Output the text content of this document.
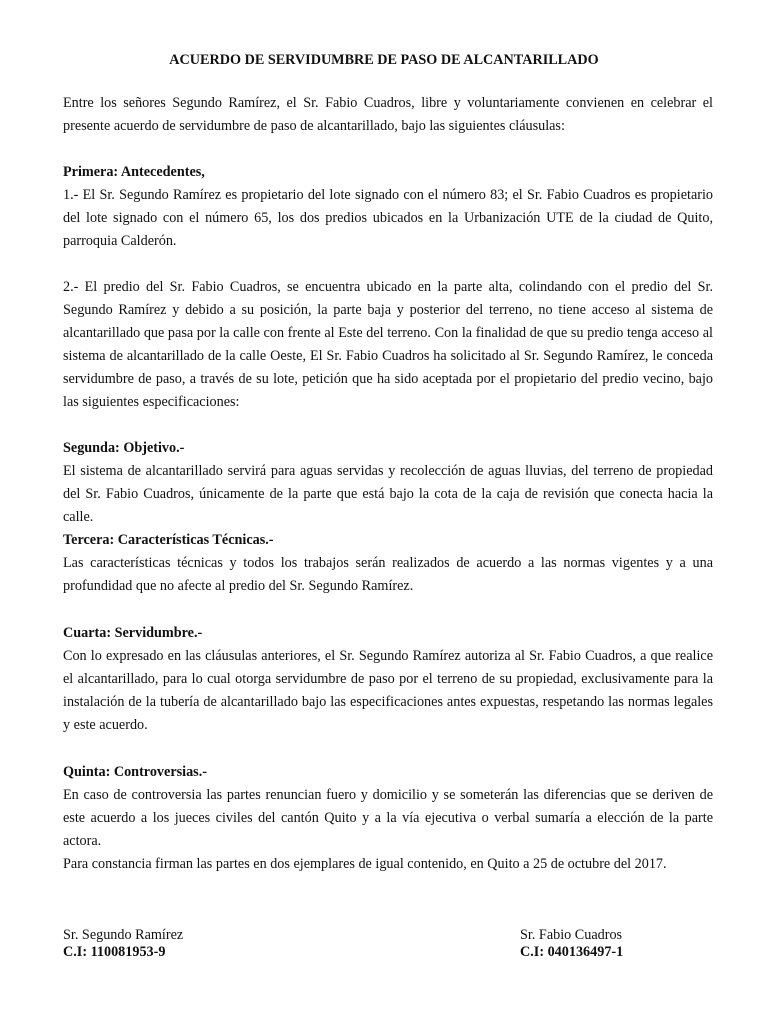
ACUERDO DE SERVIDUMBRE DE PASO DE ALCANTARILLADO
Entre los señores Segundo Ramírez, el Sr. Fabio Cuadros, libre y voluntariamente convienen en celebrar el presente acuerdo de servidumbre de paso de alcantarillado, bajo las siguientes cláusulas:
Primera: Antecedentes,
1.- El Sr. Segundo Ramírez es propietario del lote signado con el número 83; el Sr. Fabio Cuadros es propietario del lote signado con el número 65, los dos predios ubicados en la Urbanización UTE de la ciudad de Quito, parroquia Calderón.
2.- El predio del Sr. Fabio Cuadros, se encuentra ubicado en la parte alta, colindando con el predio del Sr. Segundo Ramírez y debido a su posición, la parte baja y posterior del terreno, no tiene acceso al sistema de alcantarillado que pasa por la calle con frente al Este del terreno. Con la finalidad de que su predio tenga acceso al sistema de alcantarillado de la calle Oeste, El Sr. Fabio Cuadros ha solicitado al Sr. Segundo Ramírez, le conceda servidumbre de paso, a través de su lote, petición que ha sido aceptada por el propietario del predio vecino, bajo las siguientes especificaciones:
Segunda: Objetivo.-
El sistema de alcantarillado servirá para aguas servidas y recolección de aguas lluvias, del terreno de propiedad del Sr. Fabio Cuadros, únicamente de la parte que está bajo la cota de la caja de revisión que conecta hacia la calle.
Tercera: Características Técnicas.-
Las características técnicas y todos los trabajos serán realizados de acuerdo a las normas vigentes y a una profundidad que no afecte al predio del Sr. Segundo Ramírez.
Cuarta: Servidumbre.-
Con lo expresado en las cláusulas anteriores, el Sr. Segundo Ramírez autoriza al Sr. Fabio Cuadros, a que realice el alcantarillado, para lo cual otorga servidumbre de paso por el terreno de su propiedad, exclusivamente para la instalación de la tubería de alcantarillado bajo las especificaciones antes expuestas, respetando las normas legales y este acuerdo.
Quinta: Controversias.-
En caso de controversia las partes renuncian fuero y domicilio y se someterán las diferencias que se deriven de este acuerdo a los jueces civiles del cantón Quito y a la vía ejecutiva o verbal sumaría a elección de la parte actora.
Para constancia firman las partes en dos ejemplares de igual contenido, en Quito a 25 de octubre del 2017.
Sr. Segundo Ramírez
C.I: 110081953-9
Sr. Fabio Cuadros
C.I: 040136497-1
